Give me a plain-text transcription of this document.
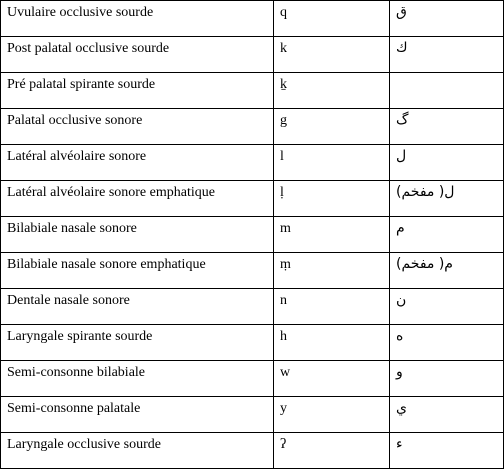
Uvulaire occlusive sourde	q	ق
Post palatal occlusive sourde	k	ك
Pré palatal spirante sourde	k̠	
Palatal occlusive sonore	g	گ
Latéral alvéolaire sonore	l	ل
Latéral alvéolaire sonore emphatique	ḷ	ل( مفخم)
Bilabiale nasale sonore	m	م
Bilabiale nasale sonore emphatique	ṃ	م( مفخم)
Dentale nasale sonore	n	ن
Laryngale spirante sourde	h	ه
Semi-consonne bilabiale	w	و
Semi-consonne palatale	y	ي
Laryngale occlusive sourde	ʔ	ء
